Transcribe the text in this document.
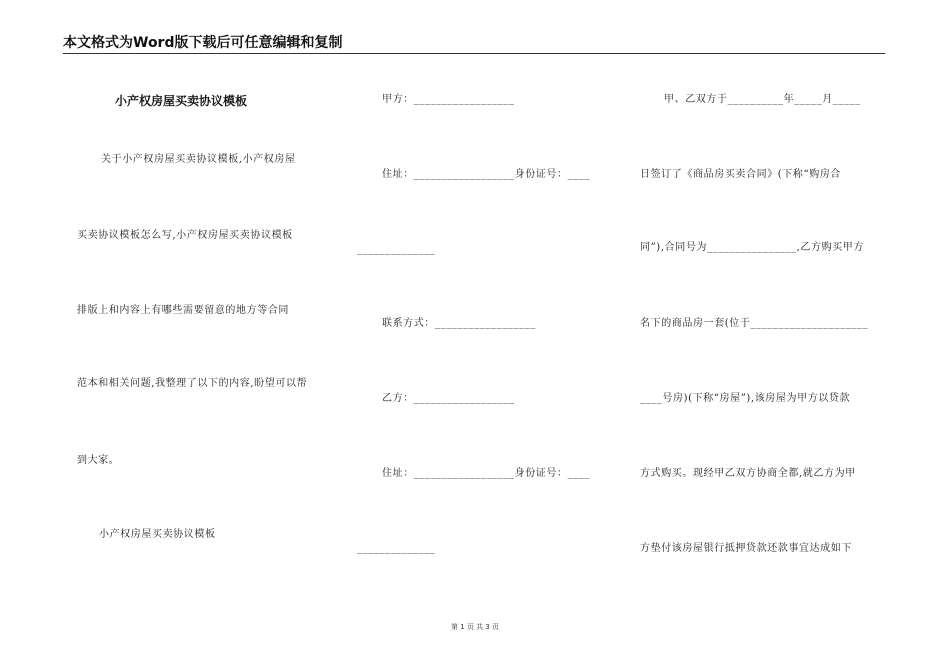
本文格式为Word版下载后可任意编辑和复制
小产权房屋买卖协议模板
关于小产权房屋买卖协议模板,小产权房屋
买卖协议模板怎么写,小产权房屋买卖协议模板
排版上和内容上有哪些需要留意的地方等合同
范本和相关问题,我整理了以下的内容,盼望可以帮
到大家。
小产权房屋买卖协议模板
甲方：__________________
住址：__________________身份证号：____
______________
联系方式：__________________
乙方：__________________
住址：__________________身份证号：____
______________
甲、乙双方于__________年_____月_____
日签订了《商品房买卖合同》(下称“购房合
同”),合同号为________________,乙方购买甲方
名下的商品房一套(位于_____________________
____号房)(下称“房屋”),该房屋为甲方以贷款
方式购买。现经甲乙双方协商全都,就乙方为甲
方垫付该房屋银行抵押贷款还款事宜达成如下
第 1 页 共 3 页
